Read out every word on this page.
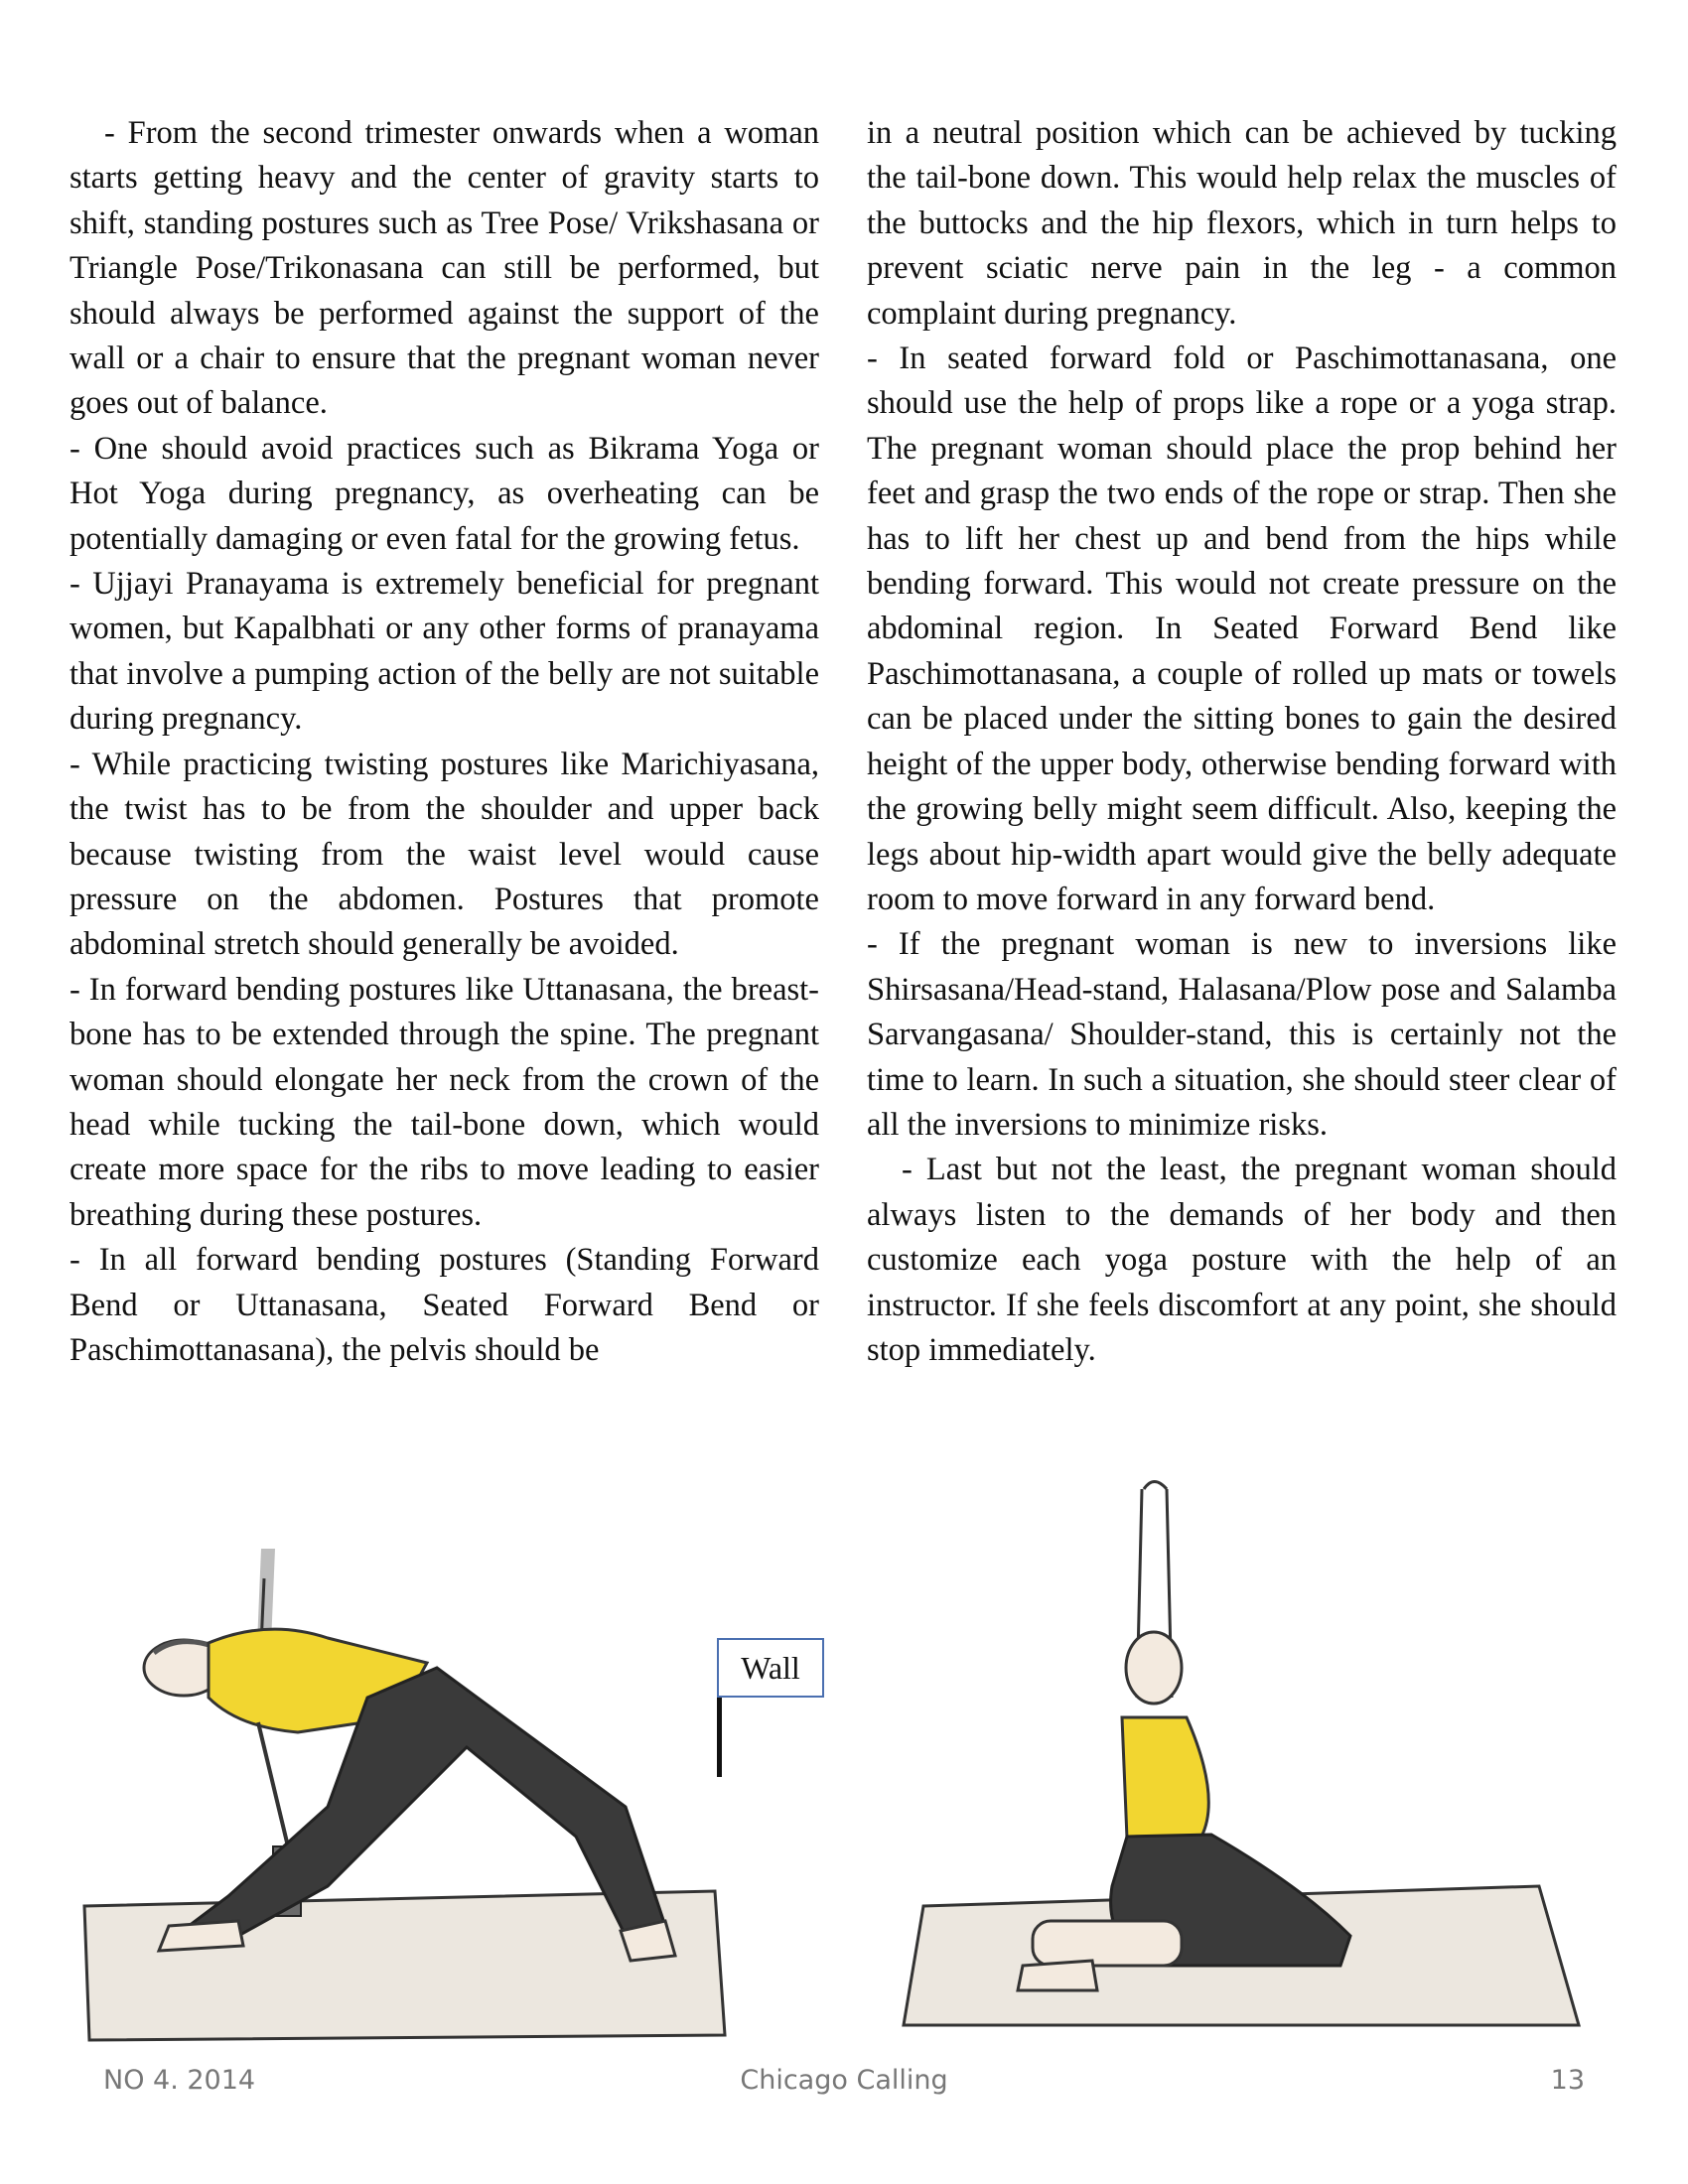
Wall

- From the second trimester onwards when a woman starts getting heavy and the center of gravity starts to shift, standing postures such as Tree Pose/ Vrikshasana or Triangle Pose/Trikonasana can still be performed, but should always be performed against the support of the wall or a chair to ensure that the pregnant woman never goes out of balance.

- One should avoid practices such as Bikrama Yoga or Hot Yoga during pregnancy, as overheating can be potentially damaging or even fatal for the growing fetus.

- Ujjayi Pranayama is extremely beneficial for pregnant women, but Kapalbhati or any other forms of pranayama that involve a pumping action of the belly are not suitable during pregnancy.

- While practicing twisting postures like Marichiyasana, the twist has to be from the shoulder and upper back because twisting from the waist level would cause pressure on the abdomen. Postures that promote abdominal stretch should generally be avoided.

- In forward bending postures like Uttanasana, the breast-bone has to be extended through the spine. The pregnant woman should elongate her neck from the crown of the head while tucking the tail-bone down, which would create more space for the ribs to move leading to easier breathing during these postures.

- In all forward bending postures (Standing Forward Bend or Uttanasana, Seated Forward Bend or Paschimottanasana), the pelvis should be

in a neutral position which can be achieved by tucking the tail-bone down. This would help relax the muscles of the buttocks and the hip flexors, which in turn helps to prevent sciatic nerve pain in the leg - a common complaint during pregnancy.

- In seated forward fold or Paschimottanasana, one should use the help of props like a rope or a yoga strap. The pregnant woman should place the prop behind her feet and grasp the two ends of the rope or strap. Then she has to lift her chest up and bend from the hips while bending forward. This would not create pressure on the abdominal region. In Seated Forward Bend like Paschimottanasana, a couple of rolled up mats or towels can be placed under the sitting bones to gain the desired height of the upper body, otherwise bending forward with the growing belly might seem difficult. Also, keeping the legs about hip-width apart would give the belly adequate room to move forward in any forward bend.

- If the pregnant woman is new to inversions like Shirsasana/Head-stand, Halasana/Plow pose and Salamba Sarvangasana/ Shoulder-stand, this is certainly not the time to learn. In such a situation, she should steer clear of all the inversions to minimize risks.

- Last but not the least, the pregnant woman should always listen to the demands of her body and then customize each yoga posture with the help of an instructor. If she feels discomfort at any point, she should stop immediately.

NO 4. 2014	Chicago Calling	13
